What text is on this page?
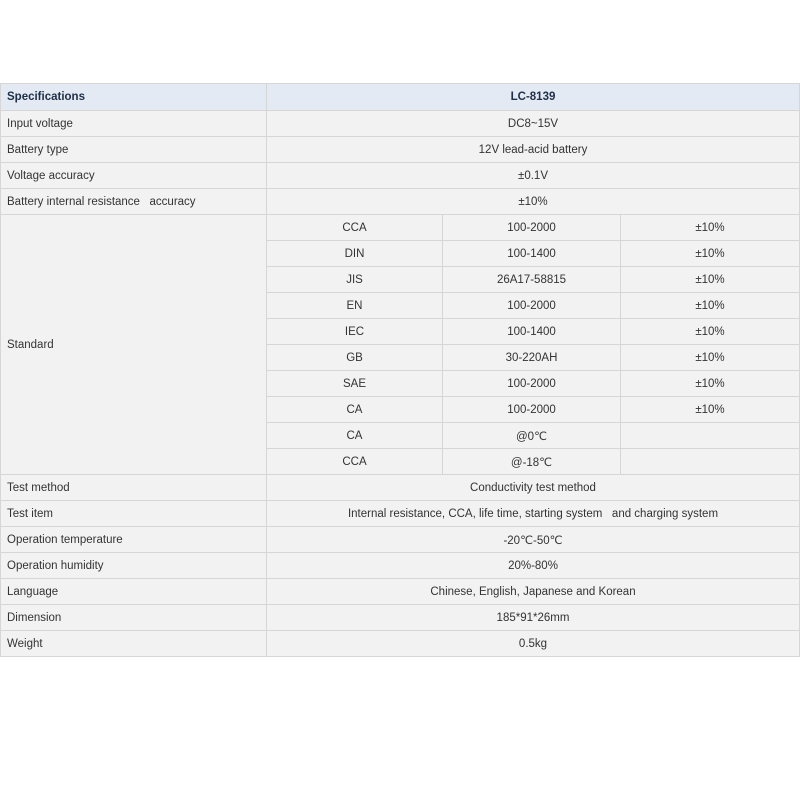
Specifications	LC-8139		
Input voltage	DC8~15V		
Battery type	12V lead-acid battery		
Voltage accuracy	±0.1V		
Battery internal resistance   accuracy	±10%		
Standard	CCA	100-2000	±10%
	DIN	100-1400	±10%
	JIS	26A17-58815	±10%
	EN	100-2000	±10%
	IEC	100-1400	±10%
	GB	30-220AH	±10%
	SAE	100-2000	±10%
	CA	100-2000	±10%
	CA	@0℃	
	CCA	@-18℃	
Test method	Conductivity test method		
Test item	Internal resistance, CCA, life time, starting system   and charging system		
Operation temperature	-20℃-50℃		
Operation humidity	20%-80%		
Language	Chinese, English, Japanese and Korean		
Dimension	185*91*26mm		
Weight	0.5kg		
